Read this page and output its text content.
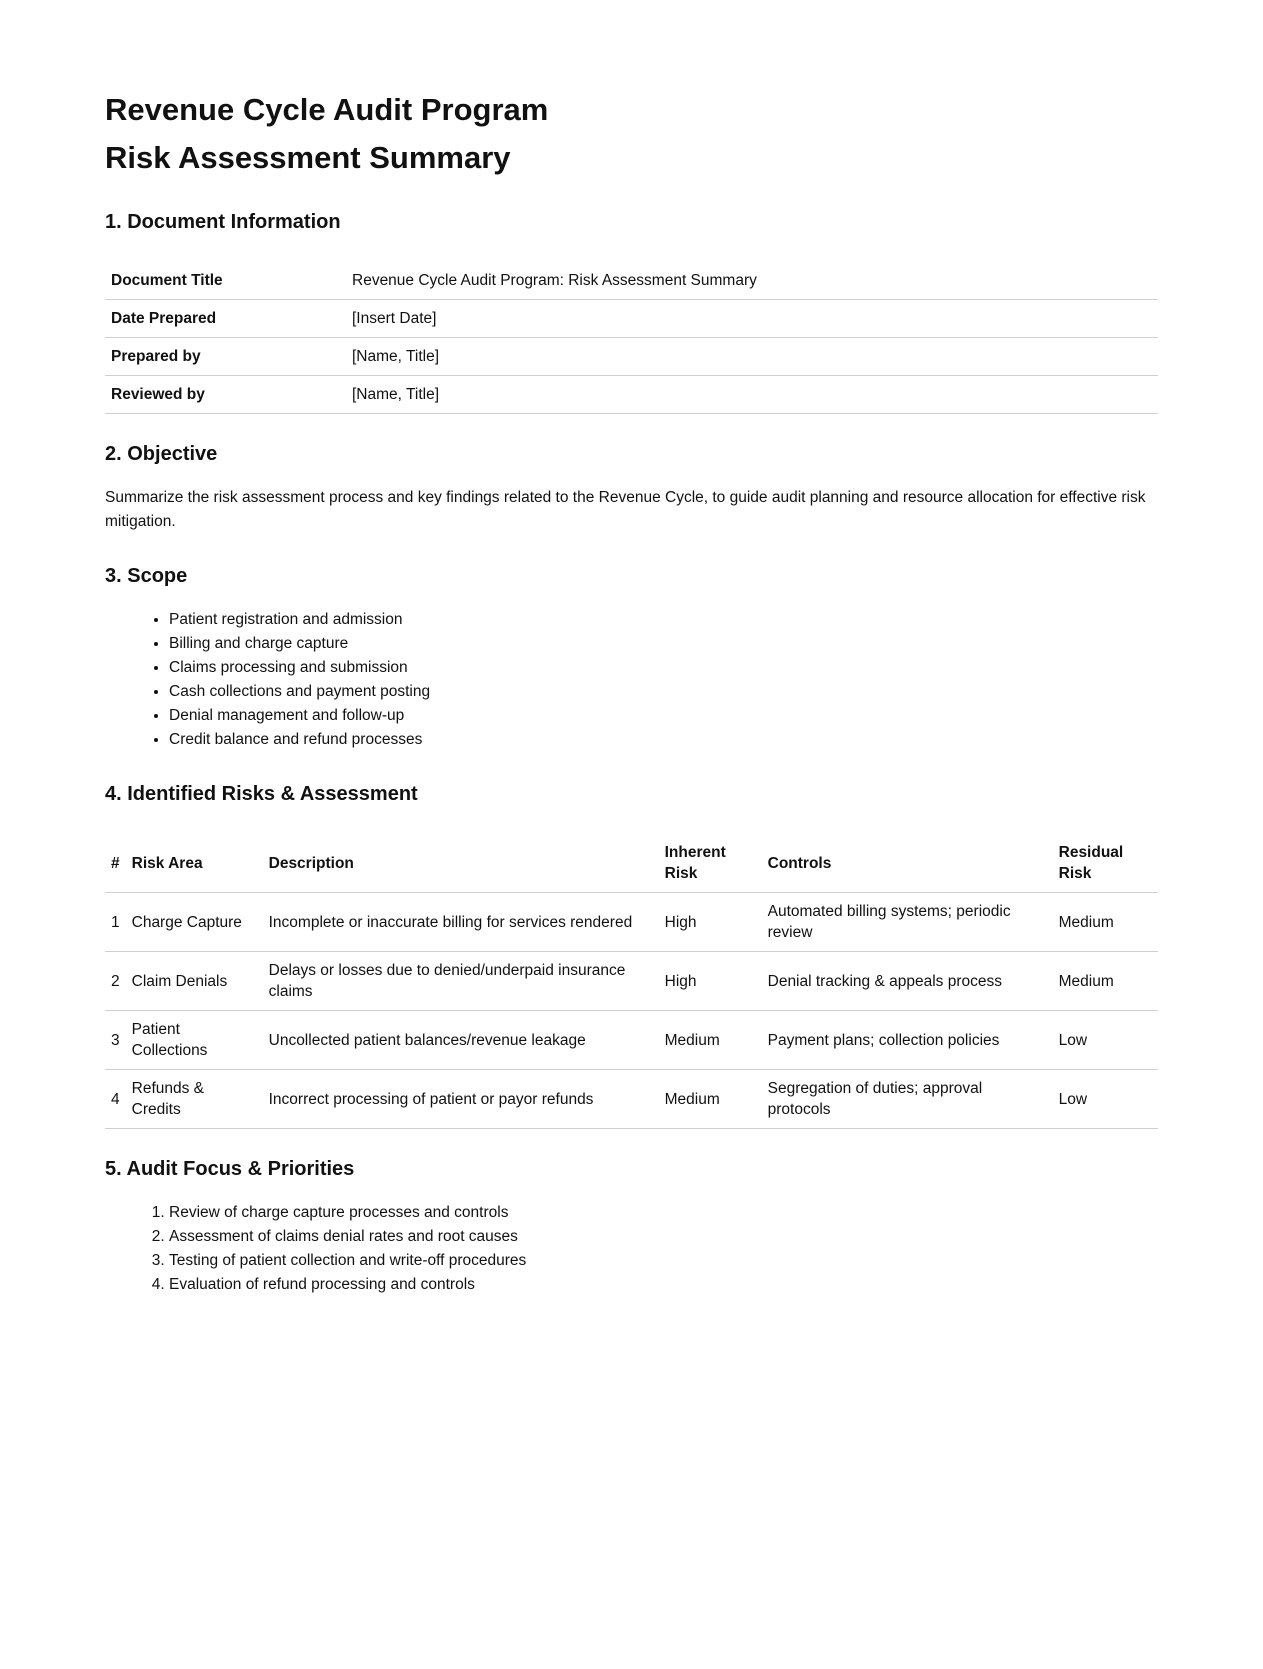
Revenue Cycle Audit Program
Risk Assessment Summary
1. Document Information
Document Title	Revenue Cycle Audit Program: Risk Assessment Summary
Date Prepared	[Insert Date]
Prepared by	[Name, Title]
Reviewed by	[Name, Title]
2. Objective

Summarize the risk assessment process and key findings related to the Revenue Cycle, to guide audit planning and resource allocation for effective risk mitigation.

3. Scope
• Patient registration and admission
• Billing and charge capture
• Claims processing and submission
• Cash collections and payment posting
• Denial management and follow-up
• Credit balance and refund processes
4. Identified Risks & Assessment
#	Risk Area	Description	Inherent Risk	Controls	Residual Risk
1	Charge Capture	Incomplete or inaccurate billing for services rendered	High	Automated billing systems; periodic review	Medium
2	Claim Denials	Delays or losses due to denied/underpaid insurance claims	High	Denial tracking & appeals process	Medium
3	Patient Collections	Uncollected patient balances/revenue leakage	Medium	Payment plans; collection policies	Low
4	Refunds & Credits	Incorrect processing of patient or payor refunds	Medium	Segregation of duties; approval protocols	Low
5. Audit Focus & Priorities
1. Review of charge capture processes and controls
2. Assessment of claims denial rates and root causes
3. Testing of patient collection and write-off procedures
4. Evaluation of refund processing and controls
